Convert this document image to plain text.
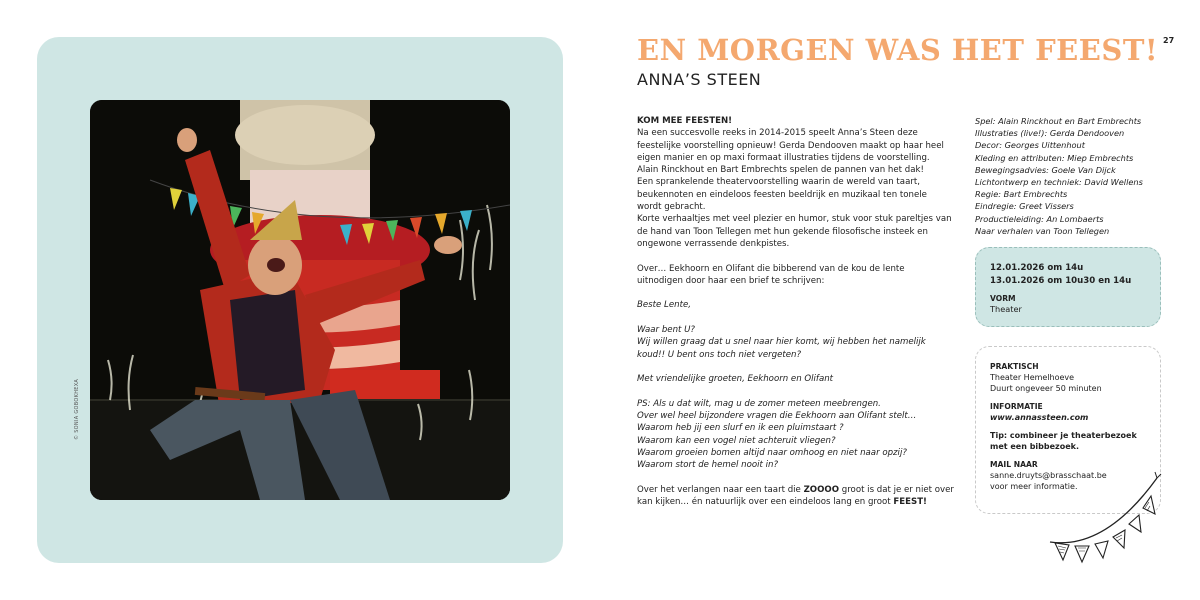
© SONIA GOBOKHEXA
27
EN MORGEN WAS HET FEEST!
ANNA’S STEEN

KOM MEE FEESTEN!

Na een succesvolle reeks in 2014-2015 speelt Anna’s Steen deze

feestelijke voorstelling opnieuw! Gerda Dendooven maakt op haar heel

eigen manier en op maxi formaat illustraties tijdens de voorstelling.

Alain Rinckhout en Bart Embrechts spelen de pannen van het dak!

Een sprankelende theatervoorstelling waarin de wereld van taart,

beukennoten en eindeloos feesten beeldrijk en muzikaal ten tonele

wordt gebracht.

Korte verhaaltjes met veel plezier en humor, stuk voor stuk pareltjes van

de hand van Toon Tellegen met hun gekende filosofische insteek en

ongewone verrassende denkpistes.

Over… Eekhoorn en Olifant die bibberend van de kou de lente

uitnodigen door haar een brief te schrijven:

Beste Lente,

Waar bent U?

Wij willen graag dat u snel naar hier komt, wij hebben het namelijk

koud!! U bent ons toch niet vergeten?

Met vriendelijke groeten, Eekhoorn en Olifant

PS: Als u dat wilt, mag u de zomer meteen meebrengen.

Over wel heel bijzondere vragen die Eekhoorn aan Olifant stelt…

Waarom heb jij een slurf en ik een pluimstaart ?

Waarom kan een vogel niet achteruit vliegen?

Waarom groeien bomen altijd naar omhoog en niet naar opzij?

Waarom stort de hemel nooit in?

Over het verlangen naar een taart die ZOOOO groot is dat je er niet over

kan kijken… én natuurlijk over een eindeloos lang en groot FEEST!

Spel: Alain Rinckhout en Bart Embrechts
Illustraties (live!): Gerda Dendooven
Decor: Georges Uittenhout
Kleding en attributen: Miep Embrechts
Bewegingsadvies: Goele Van Dijck
Lichtontwerp en techniek: David Wellens
Regie: Bart Embrechts
Eindregie: Greet Vissers
Productieleiding: An Lombaerts
Naar verhalen van Toon Tellegen
12.01.2026 om 14u
13.01.2026 om 10u30 en 14u
VORM
Theater
PRAKTISCH
Theater Hemelhoeve
Duurt ongeveer 50 minuten
INFORMATIE
www.annassteen.com
Tip: combineer je theaterbezoek
met een bibbezoek.
MAIL NAAR
sanne.druyts@brasschaat.be
voor meer informatie.
